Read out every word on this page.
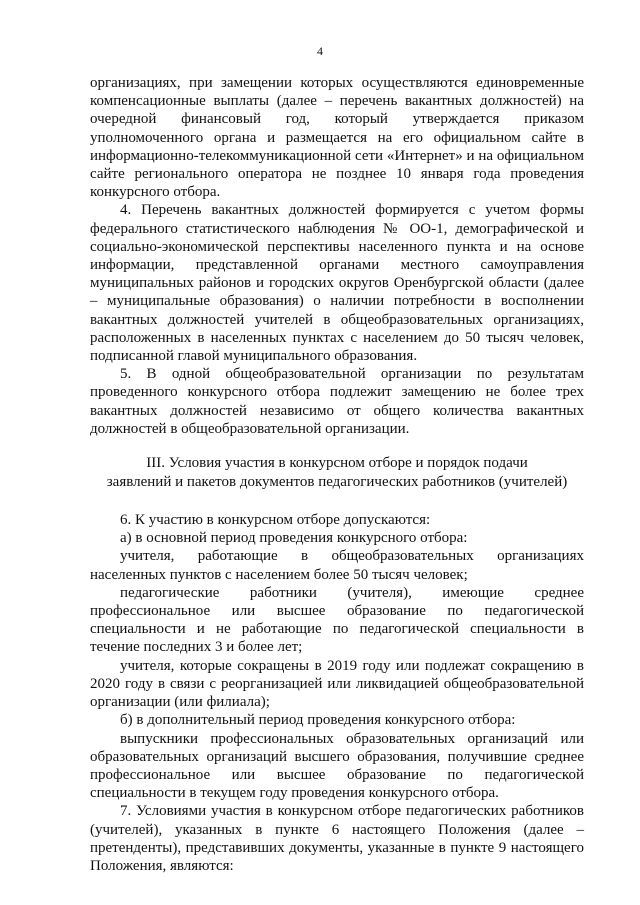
4

организациях, при замещении которых осуществляются единовременные компенсационные выплаты (далее – перечень вакантных должностей) на очередной финансовый год, который утверждается приказом уполномоченного органа и размещается на его официальном сайте в информационно-телекоммуникационной сети «Интернет» и на официальном сайте регионального оператора не позднее 10 января года проведения конкурсного отбора.

4. Перечень вакантных должностей формируется с учетом формы федерального статистического наблюдения № ОО-1, демографической и социально-экономической перспективы населенного пункта и на основе информации, представленной органами местного самоуправления муниципальных районов и городских округов Оренбургской области (далее – муниципальные образования) о наличии потребности в восполнении вакантных должностей учителей в общеобразовательных организациях, расположенных в населенных пунктах с населением до 50 тысяч человек, подписанной главой муниципального образования.

5. В одной общеобразовательной организации по результатам проведенного конкурсного отбора подлежит замещению не более трех вакантных должностей независимо от общего количества вакантных должностей в общеобразовательной организации.

III. Условия участия в конкурсном отборе и порядок подачи
заявлений и пакетов документов педагогических работников (учителей)

6. К участию в конкурсном отборе допускаются:

а) в основной период проведения конкурсного отбора:

учителя, работающие в общеобразовательных организациях населенных пунктов с населением более 50 тысяч человек;

педагогические работники (учителя), имеющие среднее профессиональное или высшее образование по педагогической специальности и не работающие по педагогической специальности в течение последних 3 и более лет;

учителя, которые сокращены в 2019 году или подлежат сокращению в 2020 году в связи с реорганизацией или ликвидацией общеобразовательной организации (или филиала);

б) в дополнительный период проведения конкурсного отбора:

выпускники профессиональных образовательных организаций или образовательных организаций высшего образования, получившие среднее профессиональное или высшее образование по педагогической специальности в текущем году проведения конкурсного отбора.

7. Условиями участия в конкурсном отборе педагогических работников (учителей), указанных в пункте 6 настоящего Положения (далее – претенденты), представивших документы, указанные в пункте 9 настоящего Положения, являются:
